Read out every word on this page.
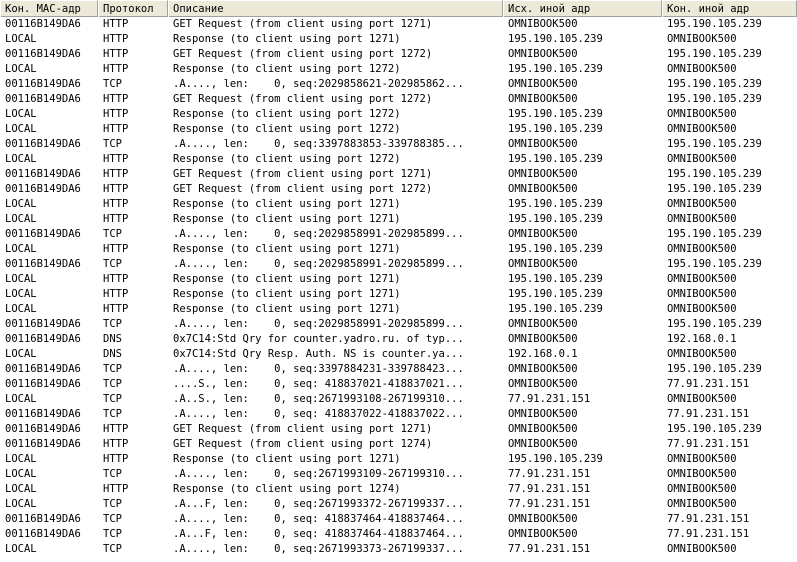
Кон. MAC-адр	Протокол	Описание	Исх. иной адр	Кон. иной адр
00116B149DA6	HTTP	GET Request (from client using port 1271)	OMNIBOOK500	195.190.105.239
LOCAL	HTTP	Response (to client using port 1271)	195.190.105.239	OMNIBOOK500
00116B149DA6	HTTP	GET Request (from client using port 1272)	OMNIBOOK500	195.190.105.239
LOCAL	HTTP	Response (to client using port 1272)	195.190.105.239	OMNIBOOK500
00116B149DA6	TCP	.A...., len:    0, seq:2029858621-202985862...	OMNIBOOK500	195.190.105.239
00116B149DA6	HTTP	GET Request (from client using port 1272)	OMNIBOOK500	195.190.105.239
LOCAL	HTTP	Response (to client using port 1272)	195.190.105.239	OMNIBOOK500
LOCAL	HTTP	Response (to client using port 1272)	195.190.105.239	OMNIBOOK500
00116B149DA6	TCP	.A...., len:    0, seq:3397883853-339788385...	OMNIBOOK500	195.190.105.239
LOCAL	HTTP	Response (to client using port 1272)	195.190.105.239	OMNIBOOK500
00116B149DA6	HTTP	GET Request (from client using port 1271)	OMNIBOOK500	195.190.105.239
00116B149DA6	HTTP	GET Request (from client using port 1272)	OMNIBOOK500	195.190.105.239
LOCAL	HTTP	Response (to client using port 1271)	195.190.105.239	OMNIBOOK500
LOCAL	HTTP	Response (to client using port 1271)	195.190.105.239	OMNIBOOK500
00116B149DA6	TCP	.A...., len:    0, seq:2029858991-202985899...	OMNIBOOK500	195.190.105.239
LOCAL	HTTP	Response (to client using port 1271)	195.190.105.239	OMNIBOOK500
00116B149DA6	TCP	.A...., len:    0, seq:2029858991-202985899...	OMNIBOOK500	195.190.105.239
LOCAL	HTTP	Response (to client using port 1271)	195.190.105.239	OMNIBOOK500
LOCAL	HTTP	Response (to client using port 1271)	195.190.105.239	OMNIBOOK500
LOCAL	HTTP	Response (to client using port 1271)	195.190.105.239	OMNIBOOK500
00116B149DA6	TCP	.A...., len:    0, seq:2029858991-202985899...	OMNIBOOK500	195.190.105.239
00116B149DA6	DNS	0x7C14:Std Qry for counter.yadro.ru. of typ...	OMNIBOOK500	192.168.0.1
LOCAL	DNS	0x7C14:Std Qry Resp. Auth. NS is counter.ya...	192.168.0.1	OMNIBOOK500
00116B149DA6	TCP	.A...., len:    0, seq:3397884231-339788423...	OMNIBOOK500	195.190.105.239
00116B149DA6	TCP	....S., len:    0, seq: 418837021-418837021...	OMNIBOOK500	77.91.231.151
LOCAL	TCP	.A..S., len:    0, seq:2671993108-267199310...	77.91.231.151	OMNIBOOK500
00116B149DA6	TCP	.A...., len:    0, seq: 418837022-418837022...	OMNIBOOK500	77.91.231.151
00116B149DA6	HTTP	GET Request (from client using port 1271)	OMNIBOOK500	195.190.105.239
00116B149DA6	HTTP	GET Request (from client using port 1274)	OMNIBOOK500	77.91.231.151
LOCAL	HTTP	Response (to client using port 1271)	195.190.105.239	OMNIBOOK500
LOCAL	TCP	.A...., len:    0, seq:2671993109-267199310...	77.91.231.151	OMNIBOOK500
LOCAL	HTTP	Response (to client using port 1274)	77.91.231.151	OMNIBOOK500
LOCAL	TCP	.A...F, len:    0, seq:2671993372-267199337...	77.91.231.151	OMNIBOOK500
00116B149DA6	TCP	.A...., len:    0, seq: 418837464-418837464...	OMNIBOOK500	77.91.231.151
00116B149DA6	TCP	.A...F, len:    0, seq: 418837464-418837464...	OMNIBOOK500	77.91.231.151
LOCAL	TCP	.A...., len:    0, seq:2671993373-267199337...	77.91.231.151	OMNIBOOK500
